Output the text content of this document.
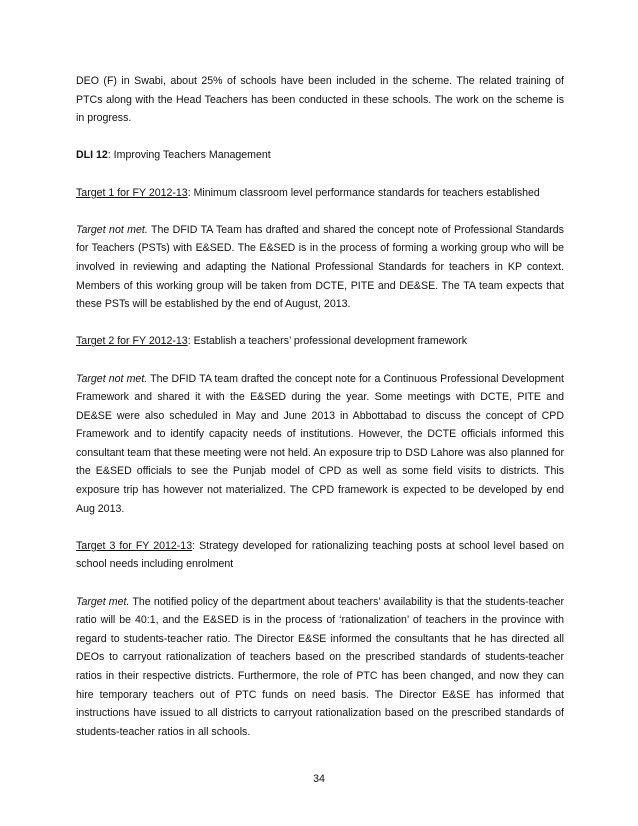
DEO (F) in Swabi, about 25% of schools have been included in the scheme. The related training of PTCs along with the Head Teachers has been conducted in these schools. The work on the scheme is in progress.

DLI 12: Improving Teachers Management

Target 1 for FY 2012-13: Minimum classroom level performance standards for teachers established

Target not met. The DFID TA Team has drafted and shared the concept note of Professional Standards for Teachers (PSTs) with E&SED. The E&SED is in the process of forming a working group who will be involved in reviewing and adapting the National Professional Standards for teachers in KP context. Members of this working group will be taken from DCTE, PITE and DE&SE. The TA team expects that these PSTs will be established by the end of August, 2013.

Target 2 for FY 2012-13: Establish a teachers’ professional development framework

Target not met. The DFID TA team drafted the concept note for a Continuous Professional Development Framework and shared it with the E&SED during the year. Some meetings with DCTE, PITE and DE&SE were also scheduled in May and June 2013 in Abbottabad to discuss the concept of CPD Framework and to identify capacity needs of institutions. However, the DCTE officials informed this consultant team that these meeting were not held. An exposure trip to DSD Lahore was also planned for the E&SED officials to see the Punjab model of CPD as well as some field visits to districts. This exposure trip has however not materialized. The CPD framework is expected to be developed by end Aug 2013.

Target 3 for FY 2012-13: Strategy developed for rationalizing teaching posts at school level based on school needs including enrolment

Target met. The notified policy of the department about teachers’ availability is that the students-teacher ratio will be 40:1, and the E&SED is in the process of ‘rationalization’ of teachers in the province with regard to students-teacher ratio. The Director E&SE informed the consultants that he has directed all DEOs to carryout rationalization of teachers based on the prescribed standards of students-teacher ratios in their respective districts. Furthermore, the role of PTC has been changed, and now they can hire temporary teachers out of PTC funds on need basis. The Director E&SE has informed that instructions have issued to all districts to carryout rationalization based on the prescribed standards of students-teacher ratios in all schools.

34
